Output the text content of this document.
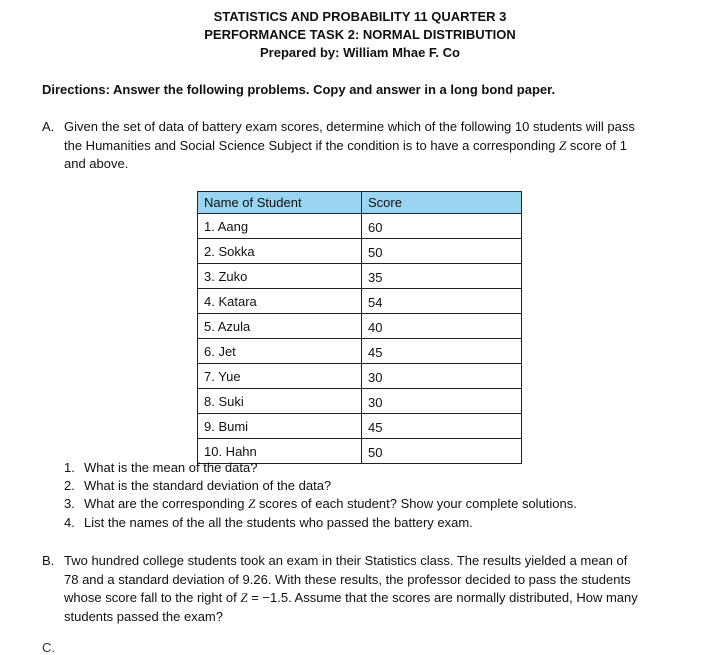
STATISTICS AND PROBABILITY 11 QUARTER 3
PERFORMANCE TASK 2: NORMAL DISTRIBUTION
Prepared by: William Mhae F. Co
Directions: Answer the following problems. Copy and answer in a long bond paper.
A. Given the set of data of battery exam scores, determine which of the following 10 students will pass
the Humanities and Social Science Subject if the condition is to have a corresponding Z score of 1
and above.
Name of Student	Score
1. Aang	60
2. Sokka	50
3. Zuko	35
4. Katara	54
5. Azula	40
6. Jet	45
7. Yue	30
8. Suki	30
9. Bumi	45
10. Hahn	50
1. What is the mean of the data?
2. What is the standard deviation of the data?
3. What are the corresponding Z scores of each student? Show your complete solutions.
4. List the names of the all the students who passed the battery exam.
B. Two hundred college students took an exam in their Statistics class. The results yielded a mean of
78 and a standard deviation of 9.26. With these results, the professor decided to pass the students
whose score fall to the right of Z = −1.5. Assume that the scores are normally distributed, How many
students passed the exam?
C.
